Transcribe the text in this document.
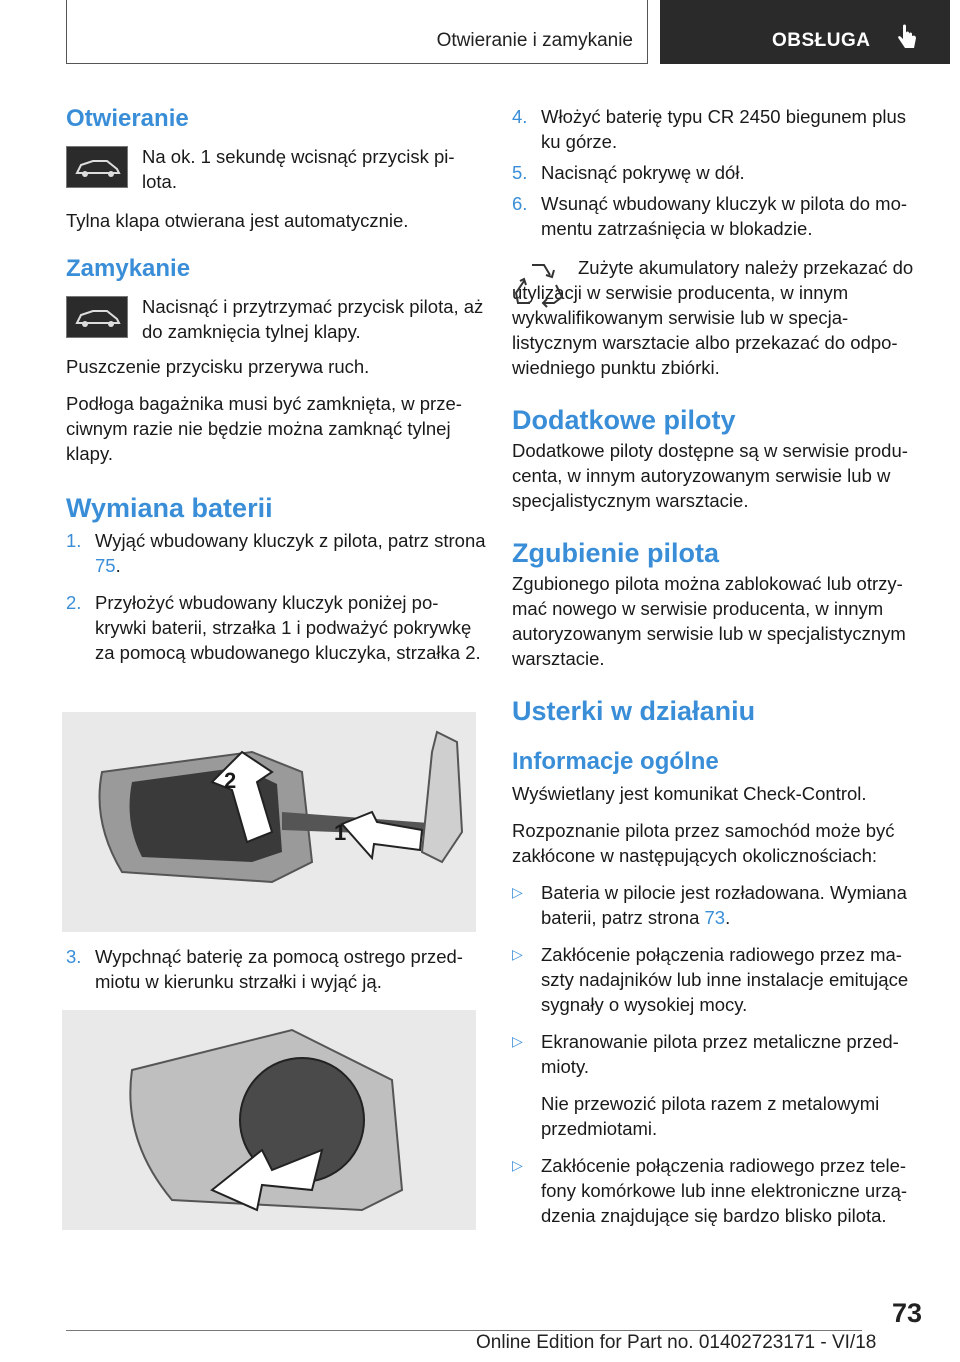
Otwieranie i zamykanie	OBSŁUGA

Otwieranie

Na ok. 1 sekundę wcisnąć przycisk pi-lota.

Tylna klapa otwierana jest automatycznie.

Zamykanie

Nacisnąć i przytrzymać przycisk pilota, aż do zamknięcia tylnej klapy.

Puszczenie przycisku przerywa ruch.

Podłoga bagażnika musi być zamknięta, w prze-ciwnym razie nie będzie można zamknąć tylnej klapy.

Wymiana baterii

1. Wyjąć wbudowany kluczyk z pilota, patrz strona 75.
2. Przyłożyć wbudowany kluczyk poniżej po-krywki baterii, strzałka 1 i podważyć pokrywkę za pomocą wbudowanego kluczyka, strzałka 2.
2
1
3. Wypchnąć baterię za pomocą ostrego przed-miotu w kierunku strzałki i wyjąć ją.
4. Włożyć baterię typu CR 2450 biegunem plus ku górze.
5. Nacisnąć pokrywę w dół.
6. Wsunąć wbudowany kluczyk w pilota do mo-mentu zatrzaśnięcia w blokadzie.

Zużyte akumulatory należy przekazać do utylizacji w serwisie producenta, w innym wykwalifikowanym serwisie lub w specja-listycznym warsztacie albo przekazać do odpo-wiedniego punktu zbiórki.

Dodatkowe piloty

Dodatkowe piloty dostępne są w serwisie produ-centa, w innym autoryzowanym serwisie lub w specjalistycznym warsztacie.

Zgubienie pilota

Zgubionego pilota można zablokować lub otrzy-mać nowego w serwisie producenta, w innym autoryzowanym serwisie lub w specjalistycznym warsztacie.

Usterki w działaniu

Informacje ogólne

Wyświetlany jest komunikat Check-Control.

Rozpoznanie pilota przez samochód może być zakłócone w następujących okolicznościach:

▷ Bateria w pilocie jest rozładowana. Wymiana baterii, patrz strona 73.
▷ Zakłócenie połączenia radiowego przez ma-szty nadajników lub inne instalacje emitujące sygnały o wysokiej mocy.
▷ Ekranowanie pilota przez metaliczne przed-mioty.

Nie przewozić pilota razem z metalowymi przedmiotami.

▷ Zakłócenie połączenia radiowego przez tele-fony komórkowe lub inne elektroniczne urzą-dzenia znajdujące się bardzo blisko pilota.
73
Online Edition for Part no. 01402723171 - VI/18
